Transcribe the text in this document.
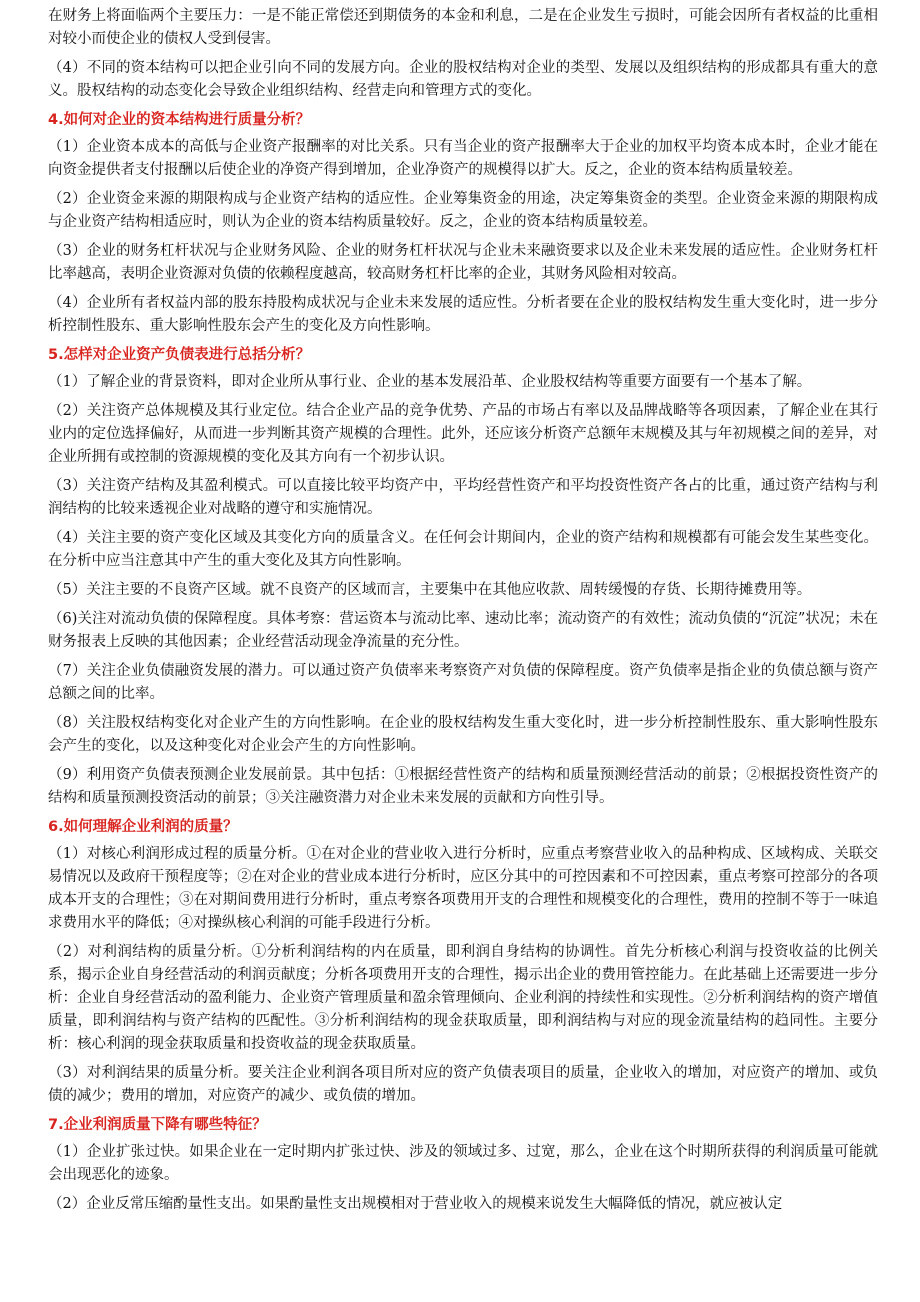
在财务上将面临两个主要压力：一是不能正常偿还到期债务的本金和利息，二是在企业发生亏损时，可能会因所有者权益的比重相对较小而使企业的债权人受到侵害。

（4）不同的资本结构可以把企业引向不同的发展方向。企业的股权结构对企业的类型、发展以及组织结构的形成都具有重大的意义。股权结构的动态变化会导致企业组织结构、经营走向和管理方式的变化。

4.如何对企业的资本结构进行质量分析？

（1）企业资本成本的高低与企业资产报酬率的对比关系。只有当企业的资产报酬率大于企业的加权平均资本成本时，企业才能在向资金提供者支付报酬以后使企业的净资产得到增加，企业净资产的规模得以扩大。反之，企业的资本结构质量较差。

（2）企业资金来源的期限构成与企业资产结构的适应性。企业筹集资金的用途，决定筹集资金的类型。企业资金来源的期限构成与企业资产结构相适应时，则认为企业的资本结构质量较好。反之，企业的资本结构质量较差。

（3）企业的财务杠杆状况与企业财务风险、企业的财务杠杆状况与企业未来融资要求以及企业未来发展的适应性。企业财务杠杆比率越高，表明企业资源对负债的依赖程度越高，较高财务杠杆比率的企业，其财务风险相对较高。

（4）企业所有者权益内部的股东持股构成状况与企业未来发展的适应性。分析者要在企业的股权结构发生重大变化时，进一步分析控制性股东、重大影响性股东会产生的变化及方向性影响。

5.怎样对企业资产负债表进行总括分析？

（1）了解企业的背景资料，即对企业所从事行业、企业的基本发展沿革、企业股权结构等重要方面要有一个基本了解。

（2）关注资产总体规模及其行业定位。结合企业产品的竞争优势、产品的市场占有率以及品牌战略等各项因素，了解企业在其行业内的定位选择偏好，从而进一步判断其资产规模的合理性。此外，还应该分析资产总额年末规模及其与年初规模之间的差异，对企业所拥有或控制的资源规模的变化及其方向有一个初步认识。

（3）关注资产结构及其盈利模式。可以直接比较平均资产中，平均经营性资产和平均投资性资产各占的比重，通过资产结构与利润结构的比较来透视企业对战略的遵守和实施情况。

（4）关注主要的资产变化区域及其变化方向的质量含义。在任何会计期间内，企业的资产结构和规模都有可能会发生某些变化。在分析中应当注意其中产生的重大变化及其方向性影响。

（5）关注主要的不良资产区域。就不良资产的区域而言，主要集中在其他应收款、周转缓慢的存货、长期待摊费用等。

（6)关注对流动负债的保障程度。具体考察：营运资本与流动比率、速动比率；流动资产的有效性；流动负债的“沉淀”状况；未在财务报表上反映的其他因素；企业经营活动现金净流量的充分性。

（7）关注企业负债融资发展的潜力。可以通过资产负债率来考察资产对负债的保障程度。资产负债率是指企业的负债总额与资产总额之间的比率。

（8）关注股权结构变化对企业产生的方向性影响。在企业的股权结构发生重大变化时，进一步分析控制性股东、重大影响性股东会产生的变化，以及这种变化对企业会产生的方向性影响。

（9）利用资产负债表预测企业发展前景。其中包括：①根据经营性资产的结构和质量预测经营活动的前景；②根据投资性资产的结构和质量预测投资活动的前景；③关注融资潜力对企业未来发展的贡献和方向性引导。

6.如何理解企业利润的质量？

（1）对核心利润形成过程的质量分析。①在对企业的营业收入进行分析时，应重点考察营业收入的品种构成、区域构成、关联交易情况以及政府干预程度等；②在对企业的营业成本进行分析时，应区分其中的可控因素和不可控因素，重点考察可控部分的各项成本开支的合理性；③在对期间费用进行分析时，重点考察各项费用开支的合理性和规模变化的合理性，费用的控制不等于一味追求费用水平的降低；④对操纵核心利润的可能手段进行分析。

（2）对利润结构的质量分析。①分析利润结构的内在质量，即利润自身结构的协调性。首先分析核心利润与投资收益的比例关系，揭示企业自身经营活动的利润贡献度；分析各项费用开支的合理性，揭示出企业的费用管控能力。在此基础上还需要进一步分析：企业自身经营活动的盈利能力、企业资产管理质量和盈余管理倾向、企业利润的持续性和实现性。②分析利润结构的资产增值质量，即利润结构与资产结构的匹配性。③分析利润结构的现金获取质量，即利润结构与对应的现金流量结构的趋同性。主要分析：核心利润的现金获取质量和投资收益的现金获取质量。

（3）对利润结果的质量分析。要关注企业利润各项目所对应的资产负债表项目的质量，企业收入的增加，对应资产的增加、或负债的减少；费用的增加，对应资产的减少、或负债的增加。

7.企业利润质量下降有哪些特征？

（1）企业扩张过快。如果企业在一定时期内扩张过快、涉及的领域过多、过宽，那么，企业在这个时期所获得的利润质量可能就会出现恶化的迹象。

（2）企业反常压缩酌量性支出。如果酌量性支出规模相对于营业收入的规模来说发生大幅降低的情况，就应被认定
